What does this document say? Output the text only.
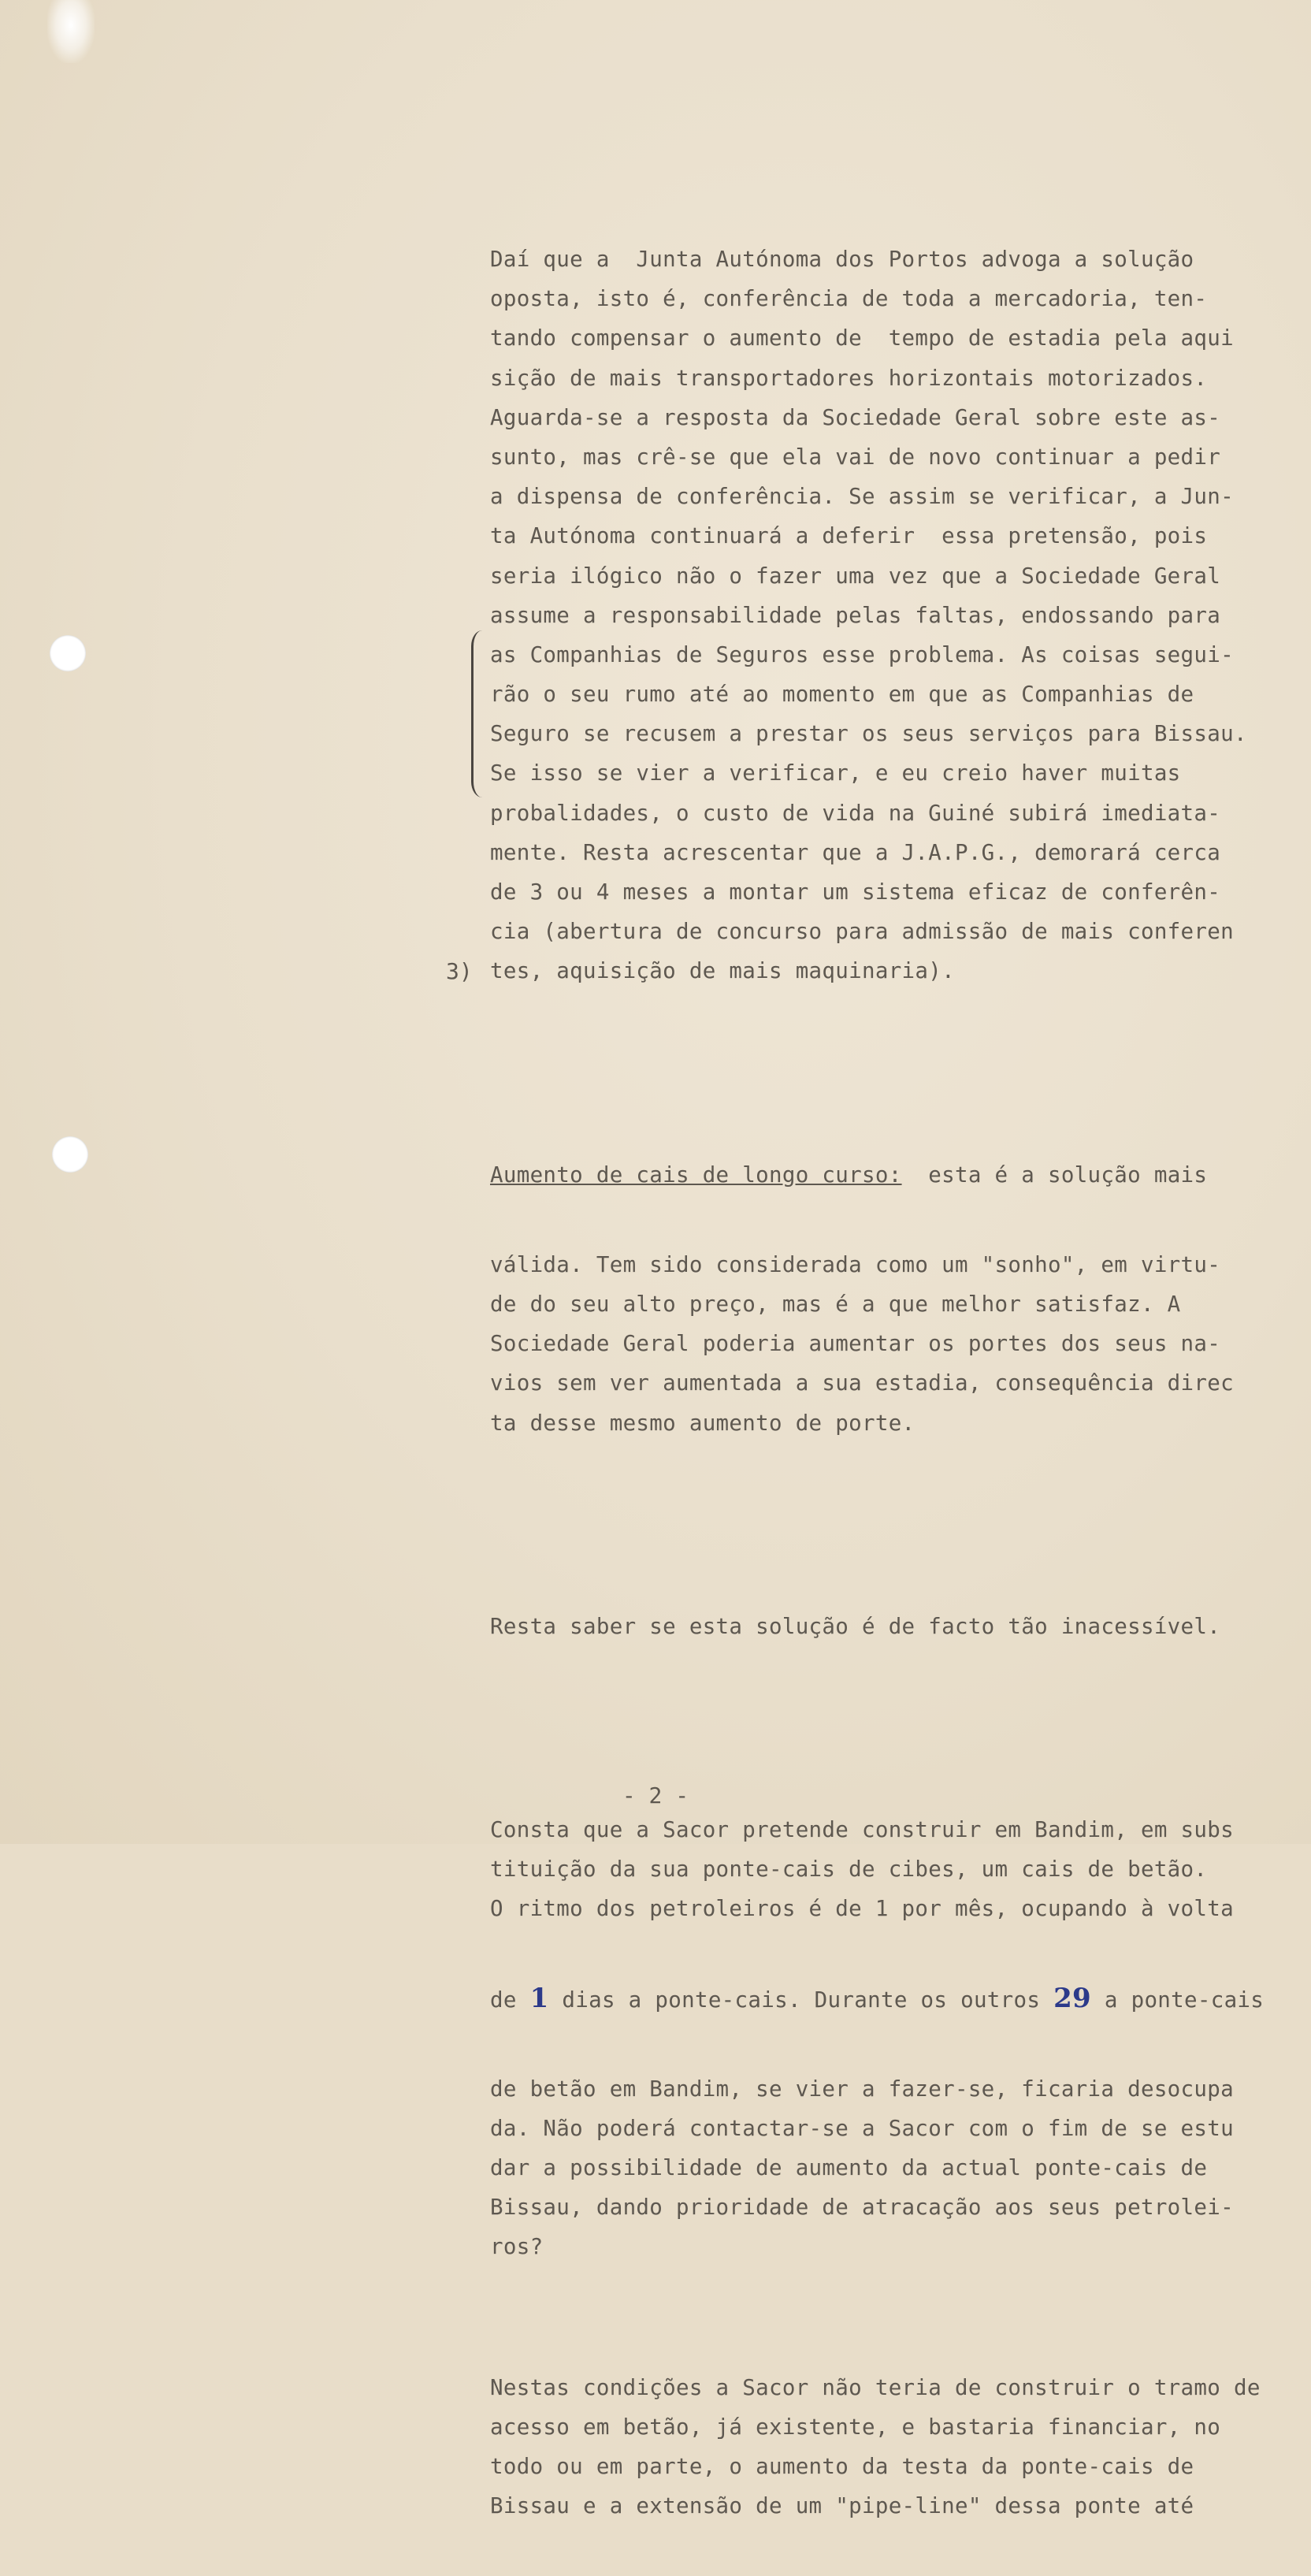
Daí que a  Junta Autónoma dos Portos advoga a solução
oposta, isto é, conferência de toda a mercadoria, ten-
tando compensar o aumento de  tempo de estadia pela aqui
sição de mais transportadores horizontais motorizados.
Aguarda-se a resposta da Sociedade Geral sobre este as-
sunto, mas crê-se que ela vai de novo continuar a pedir
a dispensa de conferência. Se assim se verificar, a Jun-
ta Autónoma continuará a deferir  essa pretensão, pois
seria ilógico não o fazer uma vez que a Sociedade Geral
assume a responsabilidade pelas faltas, endossando para
as Companhias de Seguros esse problema. As coisas segui-
rão o seu rumo até ao momento em que as Companhias de
Seguro se recusem a prestar os seus serviços para Bissau.
Se isso se vier a verificar, e eu creio haver muitas
probalidades, o custo de vida na Guiné subirá imediata-
mente. Resta acrescentar que a J.A.P.G., demorará cerca
de 3 ou 4 meses a montar um sistema eficaz de conferên-
cia (abertura de concurso para admissão de mais conferen
tes, aquisição de mais maquinaria).

Aumento de cais de longo curso:  esta é a solução mais

válida. Tem sido considerada como um "sonho", em virtu-
de do seu alto preço, mas é a que melhor satisfaz. A
Sociedade Geral poderia aumentar os portes dos seus na-
vios sem ver aumentada a sua estadia, consequência direc
ta desse mesmo aumento de porte.

Resta saber se esta solução é de facto tão inacessível.

Consta que a Sacor pretende construir em Bandim, em subs
tituição da sua ponte-cais de cibes, um cais de betão.
O ritmo dos petroleiros é de 1 por mês, ocupando à volta

de 1 dias a ponte-cais. Durante os outros 29 a ponte-cais

de betão em Bandim, se vier a fazer-se, ficaria desocupa
da. Não poderá contactar-se a Sacor com o fim de se estu
dar a possibilidade de aumento da actual ponte-cais de
Bissau, dando prioridade de atracação aos seus petrolei-
ros?

Nestas condições a Sacor não teria de construir o tramo de
acesso em betão, já existente, e bastaria financiar, no
todo ou em parte, o aumento da testa da ponte-cais de
Bissau e a extensão de um "pipe-line" dessa ponte até

3)
- 2 -
